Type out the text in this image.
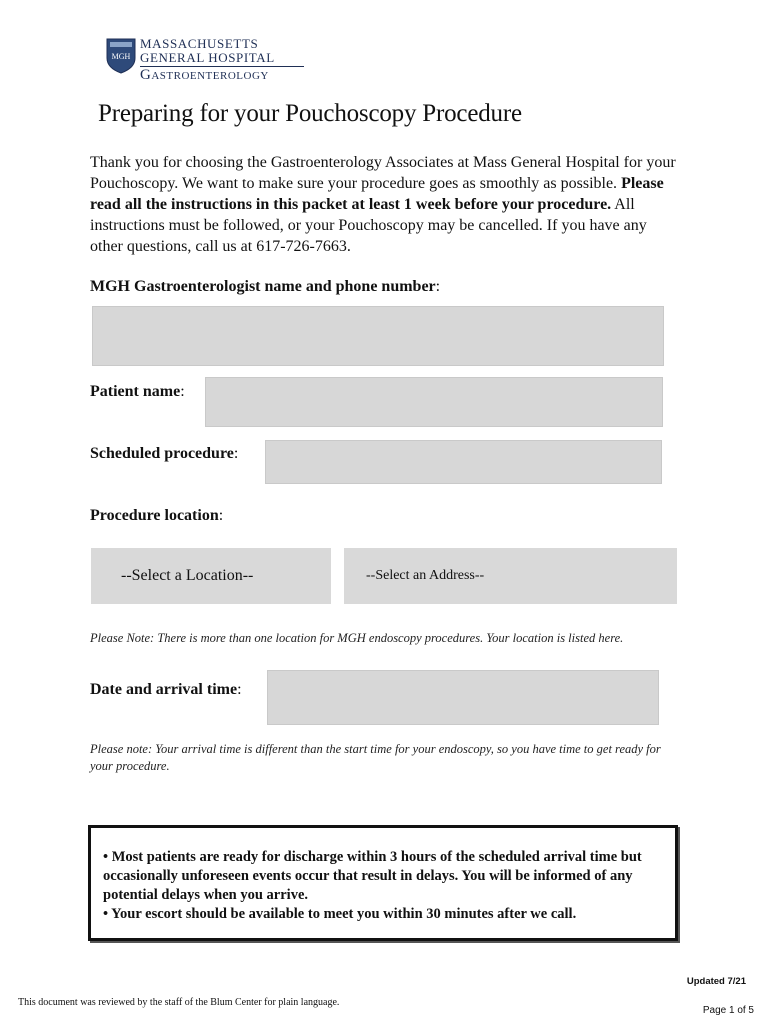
MGH
MASSACHUSETTS
GENERAL HOSPITAL
Gastroenterology
Preparing for your Pouchoscopy Procedure
Thank you for choosing the Gastroenterology Associates at Mass General Hospital for your Pouchoscopy. We want to make sure your procedure goes as smoothly as possible. Please read all the instructions in this packet at least 1 week before your procedure. All instructions must be followed, or your Pouchoscopy may be cancelled. If you have any other questions, call us at 617-726-7663.
MGH Gastroenterologist name and phone number:
Patient name:
Scheduled procedure:
Procedure location:
--Select a Location--	--Select an Address--
Please Note: There is more than one location for MGH endoscopy procedures. Your location is listed here.
Date and arrival time:
Please note: Your arrival time is different than the start time for your endoscopy, so you have time to get ready for your procedure.

• Most patients are ready for discharge within 3 hours of the scheduled arrival time but occasionally unforeseen events occur that result in delays. You will be informed of any potential delays when you arrive.

• Your escort should be available to meet you within 30 minutes after we call.

Updated 7/21
This document was reviewed by the staff of the Blum Center for plain language.
Page 1 of 5
